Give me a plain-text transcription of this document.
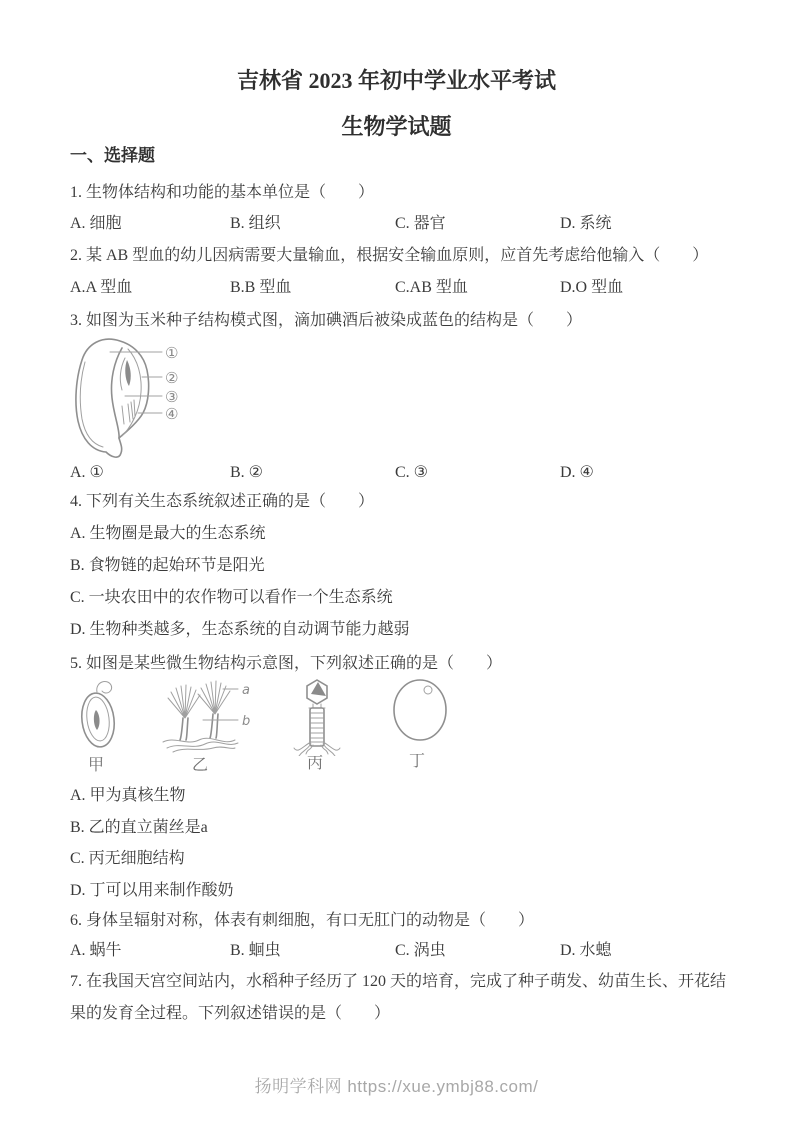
吉林省 2023 年初中学业水平考试
生物学试题
一、选择题
1. 生物体结构和功能的基本单位是（　　）
A. 细胞	B. 组织	C. 器官	D. 系统
2. 某 AB 型血的幼儿因病需要大量输血，根据安全输血原则，应首先考虑给他输入（　　）
A.A 型血	B.B 型血	C.AB 型血	D.O 型血
3. 如图为玉米种子结构模式图，滴加碘酒后被染成蓝色的结构是（　　）
①
②
③
④
A. ①	B. ②	C. ③	D. ④
4. 下列有关生态系统叙述正确的是（　　）
A. 生物圈是最大的生态系统
B. 食物链的起始环节是阳光
C. 一块农田中的农作物可以看作一个生态系统
D. 生物种类越多，生态系统的自动调节能力越弱
5. 如图是某些微生物结构示意图，下列叙述正确的是（　　）
a
b
甲	乙	丙	丁
A. 甲为真核生物
B. 乙的直立菌丝是a
C. 丙无细胞结构
D. 丁可以用来制作酸奶
6. 身体呈辐射对称，体表有刺细胞，有口无肛门的动物是（　　）
A. 蜗牛	B. 蛔虫	C. 涡虫	D. 水螅
7. 在我国天宫空间站内，水稻种子经历了 120 天的培育，完成了种子萌发、幼苗生长、开花结果的发育全过程。下列叙述错误的是（　　）
扬明学科网 https://xue.ymbj88.com/
